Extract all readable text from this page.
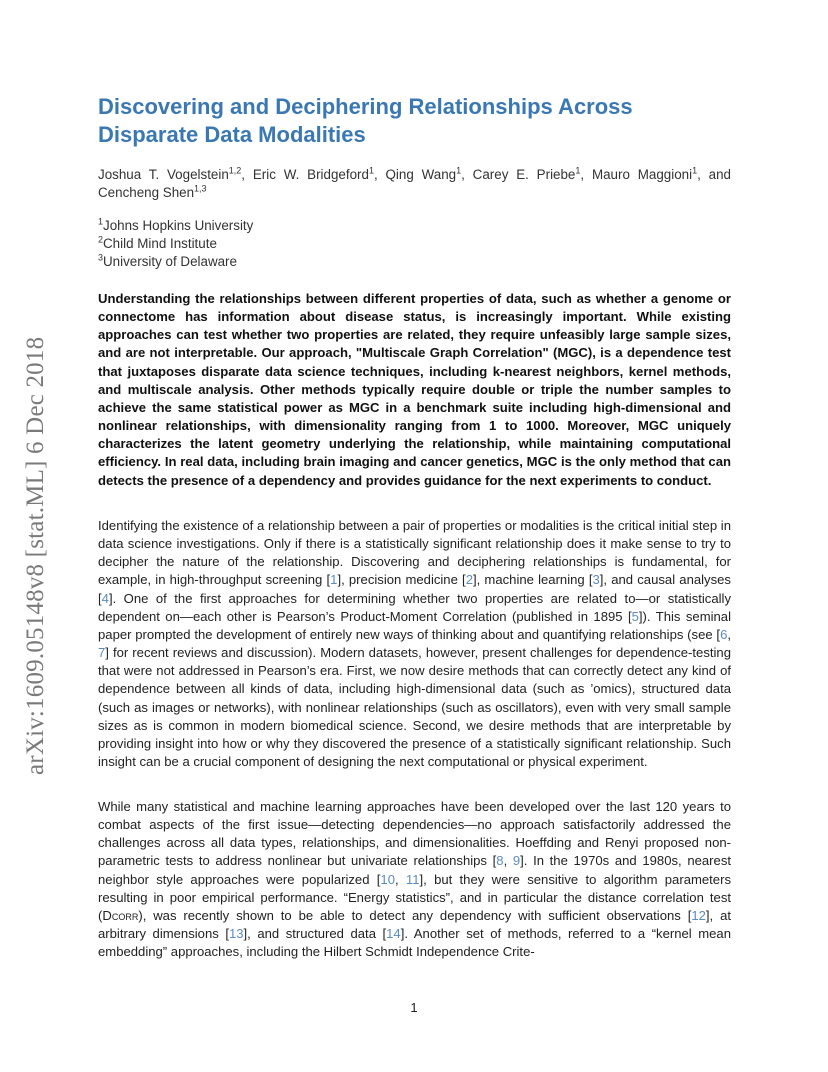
arXiv:1609.05148v8 [stat.ML] 6 Dec 2018
Discovering and Deciphering Relationships Across
Disparate Data Modalities
Joshua T. Vogelstein$^{1,2}$, Eric W. Bridgeford$^1$, Qing Wang$^1$, Carey E. Priebe$^1$, Mauro Maggioni$^1$, and Cencheng Shen$^{1,3}$
$^1$Johns Hopkins University
$^2$Child Mind Institute
$^3$University of Delaware

Understanding the relationships between different properties of data, such as whether a genome or connectome has information about disease status, is increasingly important. While existing approaches can test whether two properties are related, they require unfeasibly large sample sizes, and are not interpretable. Our approach, "Multiscale Graph Correlation" (MGC), is a dependence test that juxtaposes disparate data science techniques, including k-nearest neighbors, kernel methods, and multiscale analysis. Other methods typically require double or triple the number samples to achieve the same statistical power as MGC in a benchmark suite including high-dimensional and nonlinear relationships, with dimensionality ranging from 1 to 1000. Moreover, MGC uniquely characterizes the latent geometry underlying the relationship, while maintaining computational efficiency. In real data, including brain imaging and cancer genetics, MGC is the only method that can detects the presence of a dependency and provides guidance for the next experiments to conduct.

Identifying the existence of a relationship between a pair of properties or modalities is the critical initial step in data science investigations. Only if there is a statistically significant relationship does it make sense to try to decipher the nature of the relationship. Discovering and deciphering relationships is fundamental, for example, in high-throughput screening [1], precision medicine [2], machine learning [3], and causal analyses [4]. One of the first approaches for determining whether two properties are related to—or statistically dependent on—each other is Pearson’s Product-Moment Correlation (published in 1895 [5]). This seminal paper prompted the development of entirely new ways of thinking about and quantifying relationships (see [6, 7] for recent reviews and discussion). Modern datasets, however, present challenges for dependence-testing that were not addressed in Pearson’s era. First, we now desire methods that can correctly detect any kind of dependence between all kinds of data, including high-dimensional data (such as ’omics), structured data (such as images or networks), with nonlinear relationships (such as oscillators), even with very small sample sizes as is common in modern biomedical science. Second, we desire methods that are interpretable by providing insight into how or why they discovered the presence of a statistically significant relationship. Such insight can be a crucial component of designing the next computational or physical experiment.

While many statistical and machine learning approaches have been developed over the last 120 years to combat aspects of the first issue—detecting dependencies—no approach satisfactorily addressed the challenges across all data types, relationships, and dimensionalities. Hoeffding and Renyi proposed non-parametric tests to address nonlinear but univariate relationships [8, 9]. In the 1970s and 1980s, nearest neighbor style approaches were popularized [10, 11], but they were sensitive to algorithm parameters resulting in poor empirical performance. “Energy statistics”, and in particular the distance correlation test (Dcorr), was recently shown to be able to detect any dependency with sufficient observations [12], at arbitrary dimensions [13], and structured data [14]. Another set of methods, referred to a “kernel mean embedding” approaches, including the Hilbert Schmidt Independence Crite-

1
